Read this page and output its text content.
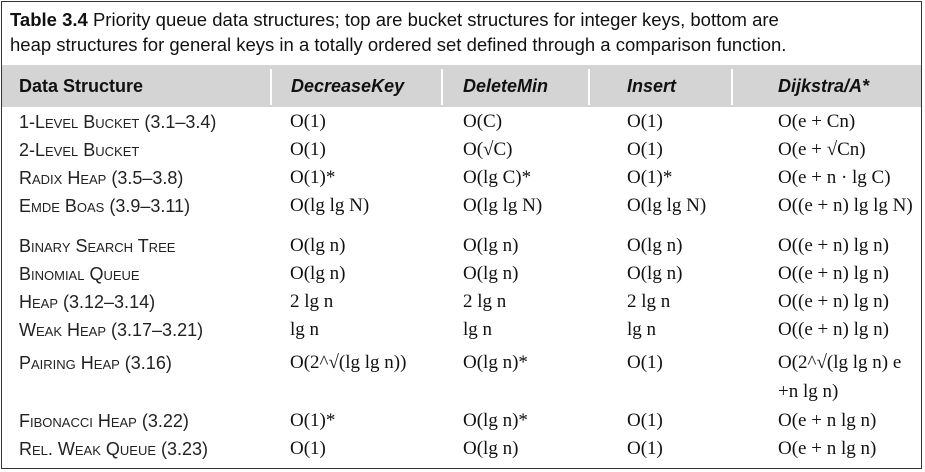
Table 3.4 Priority queue data structures; top are bucket structures for integer keys, bottom are
heap structures for general keys in a totally ordered set defined through a comparison function.
Data Structure	DecreaseKey	DeleteMin	Insert	Dijkstra/A*
1-Level Bucket (3.1–3.4)	O(1)	O(C)	O(1)	O(e + Cn)
2-Level Bucket	O(1)	O(√C)	O(1)	O(e + √Cn)
Radix Heap (3.5–3.8)	O(1)*	O(lg C)*	O(1)*	O(e + n · lg C)
Emde Boas (3.9–3.11)	O(lg lg N)	O(lg lg N)	O(lg lg N)	O((e + n) lg lg N)
Binary Search Tree	O(lg n)	O(lg n)	O(lg n)	O((e + n) lg n)
Binomial Queue	O(lg n)	O(lg n)	O(lg n)	O((e + n) lg n)
Heap (3.12–3.14)	2 lg n	2 lg n	2 lg n	O((e + n) lg n)
Weak Heap (3.17–3.21)	lg n	lg n	lg n	O((e + n) lg n)
Pairing Heap (3.16)	O(2^√(lg lg n))	O(lg n)*	O(1)	O(2^√(lg lg n) e
+n lg n)
Fibonacci Heap (3.22)	O(1)*	O(lg n)*	O(1)	O(e + n lg n)
Rel. Weak Queue (3.23)	O(1)	O(lg n)	O(1)	O(e + n lg n)
